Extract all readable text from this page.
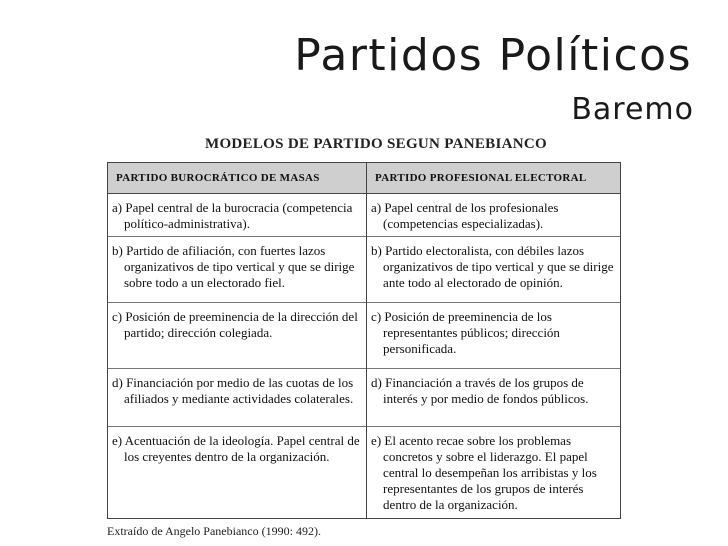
Partidos Políticos
Baremo
MODELOS DE PARTIDO SEGUN PANEBIANCO
PARTIDO BUROCRÁTICO DE MASAS	PARTIDO PROFESIONAL ELECTORAL

a) Papel central de la burocracia (competencia político-administrativa).	a) Papel central de los profesionales (competencias especializadas).

b) Partido de afiliación, con fuertes lazos organizativos de tipo vertical y que se dirige sobre todo a un electorado fiel.	b) Partido electoralista, con débiles lazos organizativos de tipo vertical y que se dirige ante todo al electorado de opinión.

c) Posición de preeminencia de la dirección del partido; dirección colegiada.	c) Posición de preeminencia de los representantes públicos; dirección personificada.

d) Financiación por medio de las cuotas de los afiliados y mediante actividades colaterales.	d) Financiación a través de los grupos de interés y por medio de fondos públicos.

e) Acentuación de la ideología. Papel central de los creyentes dentro de la organización.	e) El acento recae sobre los problemas concretos y sobre el liderazgo. El papel central lo desempeñan los arribistas y los representantes de los grupos de interés dentro de la organización.
Extraído de Angelo Panebianco (1990: 492).
